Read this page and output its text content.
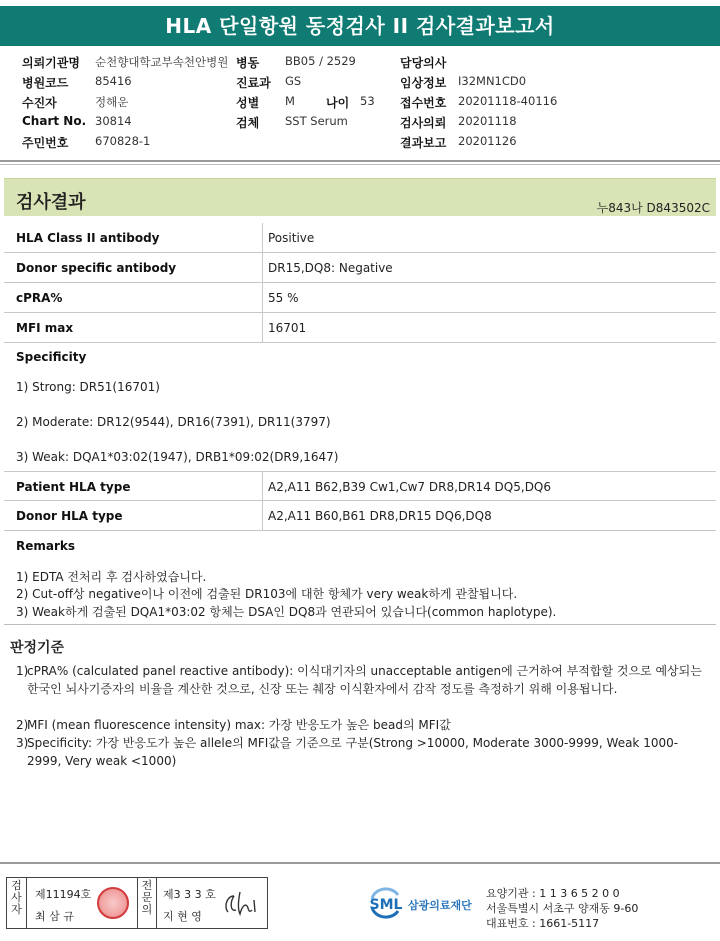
HLA 단일항원 동정검사 II 검사결과보고서
의뢰기관명 순천향대학교부속천안병원 병동 BB05 / 2529	담당의사
병원코드 85416	진료과 GS	임상정보 I32MN1CD0
수진자	정해운	성별 M	나이 53 접수번호 20201118-40116
Chart No. 30814	검체 SST Serum	검사의뢰 20201118
주민번호 670828-1	결과보고 20201126
검사결과	누843나 D843502C
HLA Class II antibody	Positive
Donor specific antibody	DR15,DQ8: Negative
cPRA%	55 %
MFI max	16701
Specificity
1) Strong: DR51(16701)
2) Moderate: DR12(9544), DR16(7391), DR11(3797)
3) Weak: DQA1*03:02(1947), DRB1*09:02(DR9,1647)
Patient HLA type	A2,A11 B62,B39 Cw1,Cw7 DR8,DR14 DQ5,DQ6
Donor HLA type	A2,A11 B60,B61 DR8,DR15 DQ6,DQ8
Remarks
1) EDTA 전처리 후 검사하였습니다.
2) Cut-off상 negative이나 이전에 검출된 DR103에 대한 항체가 very weak하게 관찰됩니다.
3) Weak하게 검출된 DQA1*03:02 항체는 DSA인 DQ8과 연관되어 있습니다(common haplotype).
판정기준
1)
cPRA% (calculated panel reactive antibody): 이식대기자의 unacceptable antigen에 근거하여 부적합할 것으로 예상되는 한국인 뇌사기증자의 비율을 계산한 것으로, 신장 또는 췌장 이식환자에서 감작 정도를 측정하기 위해 이용됩니다.
2)
MFI (mean fluorescence intensity) max: 가장 반응도가 높은 bead의 MFI값
3)
Specificity: 가장 반응도가 높은 allele의 MFI값을 기준으로 구분(Strong >10000, Moderate 3000-9999, Weak 1000-2999, Very weak <1000)
검사자
제11194호
최 삼 규
전문의
제3 3 3 호
지 현 영
SML 삼광의료재단
요양기관 : 1 1 3 6 5 2 0 0
서울특별시 서초구 양재동 9-60
대표번호 : 1661-5117
